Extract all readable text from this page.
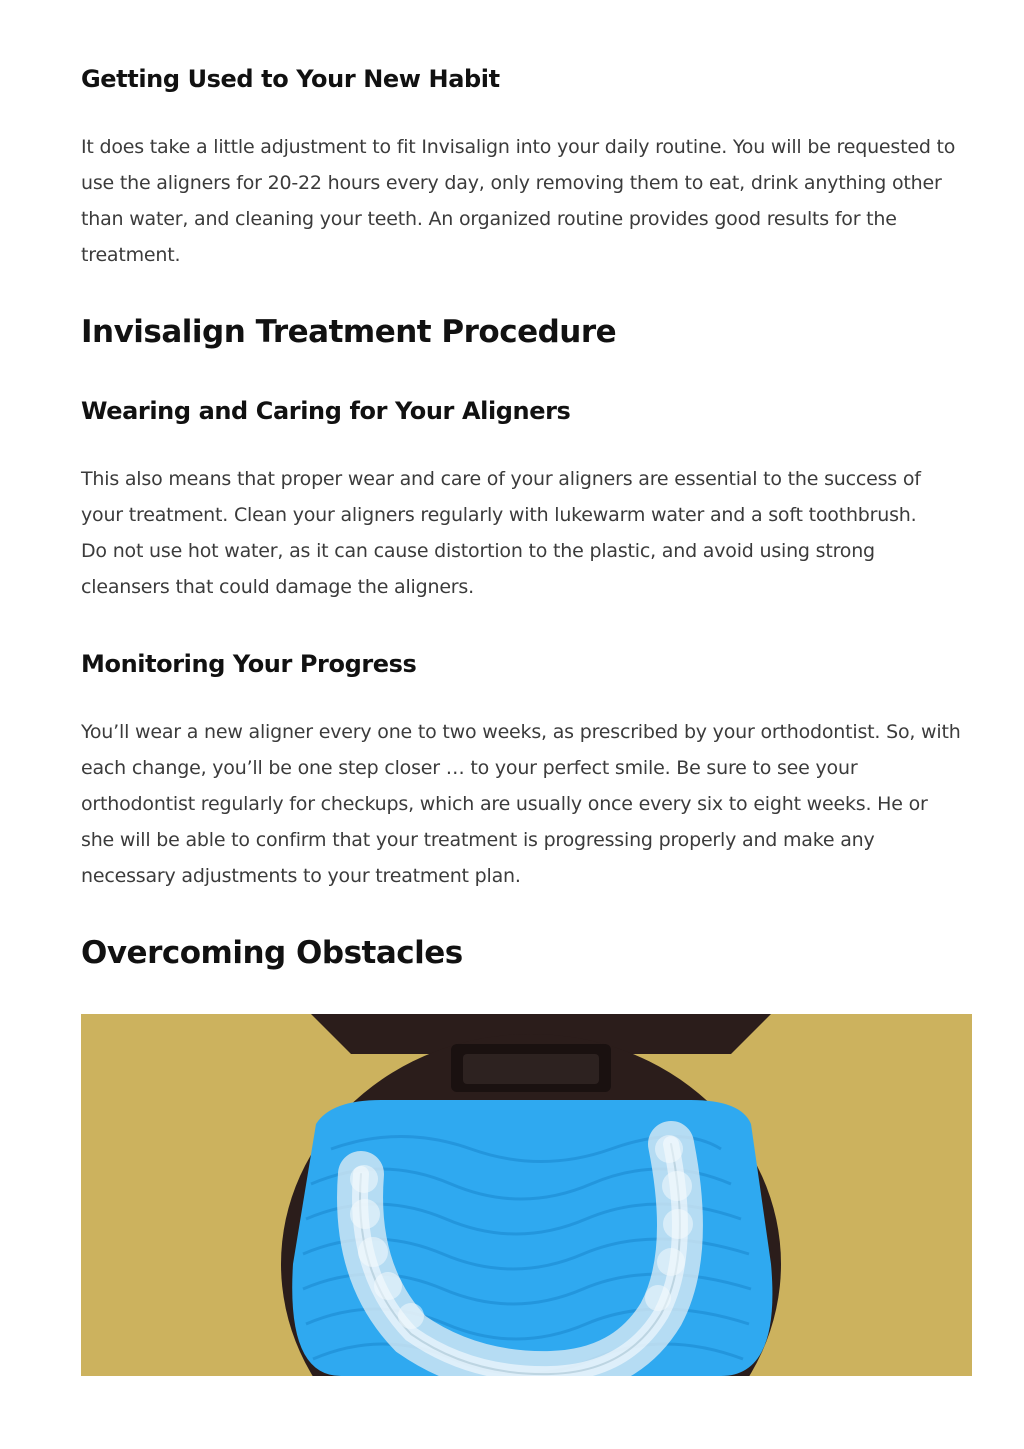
Getting Used to Your New Habit

It does take a little adjustment to fit Invisalign into your daily routine. You will be requested to use the aligners for 20-22 hours every day, only removing them to eat, drink anything other than water, and cleaning your teeth. An organized routine provides good results for the treatment.

Invisalign Treatment Procedure
Wearing and Caring for Your Aligners

This also means that proper wear and care of your aligners are essential to the success of your treatment. Clean your aligners regularly with lukewarm water and a soft toothbrush. Do not use hot water, as it can cause distortion to the plastic, and avoid using strong cleansers that could damage the aligners.

Monitoring Your Progress

You’ll wear a new aligner every one to two weeks, as prescribed by your orthodontist. So, with each change, you’ll be one step closer … to your perfect smile. Be sure to see your orthodontist regularly for checkups, which are usually once every six to eight weeks. He or she will be able to confirm that your treatment is progressing properly and make any necessary adjustments to your treatment plan.

Overcoming Obstacles
